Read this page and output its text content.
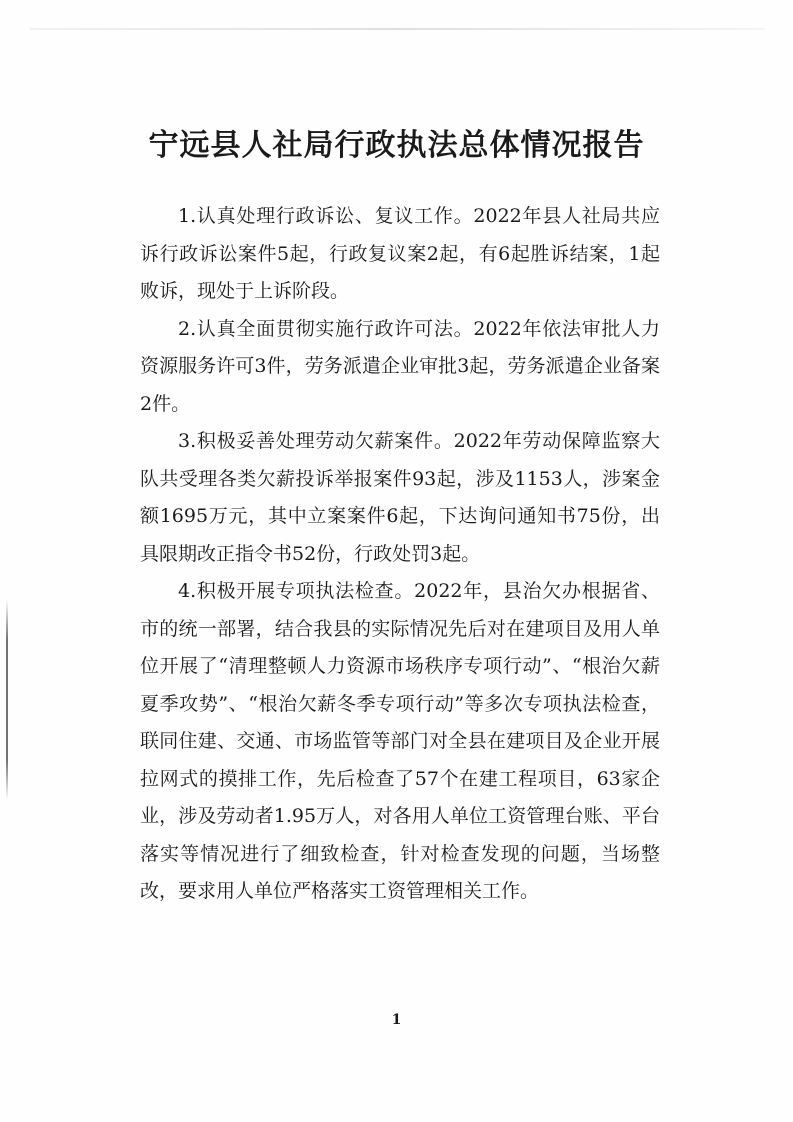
宁远县人社局行政执法总体情况报告

1.认真处理行政诉讼、复议工作。2022年县人社局共应诉行政诉讼案件5起，行政复议案2起，有6起胜诉结案，1起败诉，现处于上诉阶段。

2.认真全面贯彻实施行政许可法。2022年依法审批人力资源服务许可3件，劳务派遣企业审批3起，劳务派遣企业备案2件。

3.积极妥善处理劳动欠薪案件。2022年劳动保障监察大队共受理各类欠薪投诉举报案件93起，涉及1153人，涉案金额1695万元，其中立案案件6起，下达询问通知书75份，出具限期改正指令书52份，行政处罚3起。

4.积极开展专项执法检查。2022年，县治欠办根据省、市的统一部署，结合我县的实际情况先后对在建项目及用人单位开展了“清理整顿人力资源市场秩序专项行动”、“根治欠薪夏季攻势”、“根治欠薪冬季专项行动”等多次专项执法检查，联同住建、交通、市场监管等部门对全县在建项目及企业开展拉网式的摸排工作，先后检查了57个在建工程项目，63家企业，涉及劳动者1.95万人，对各用人单位工资管理台账、平台落实等情况进行了细致检查，针对检查发现的问题，当场整改，要求用人单位严格落实工资管理相关工作。

1
